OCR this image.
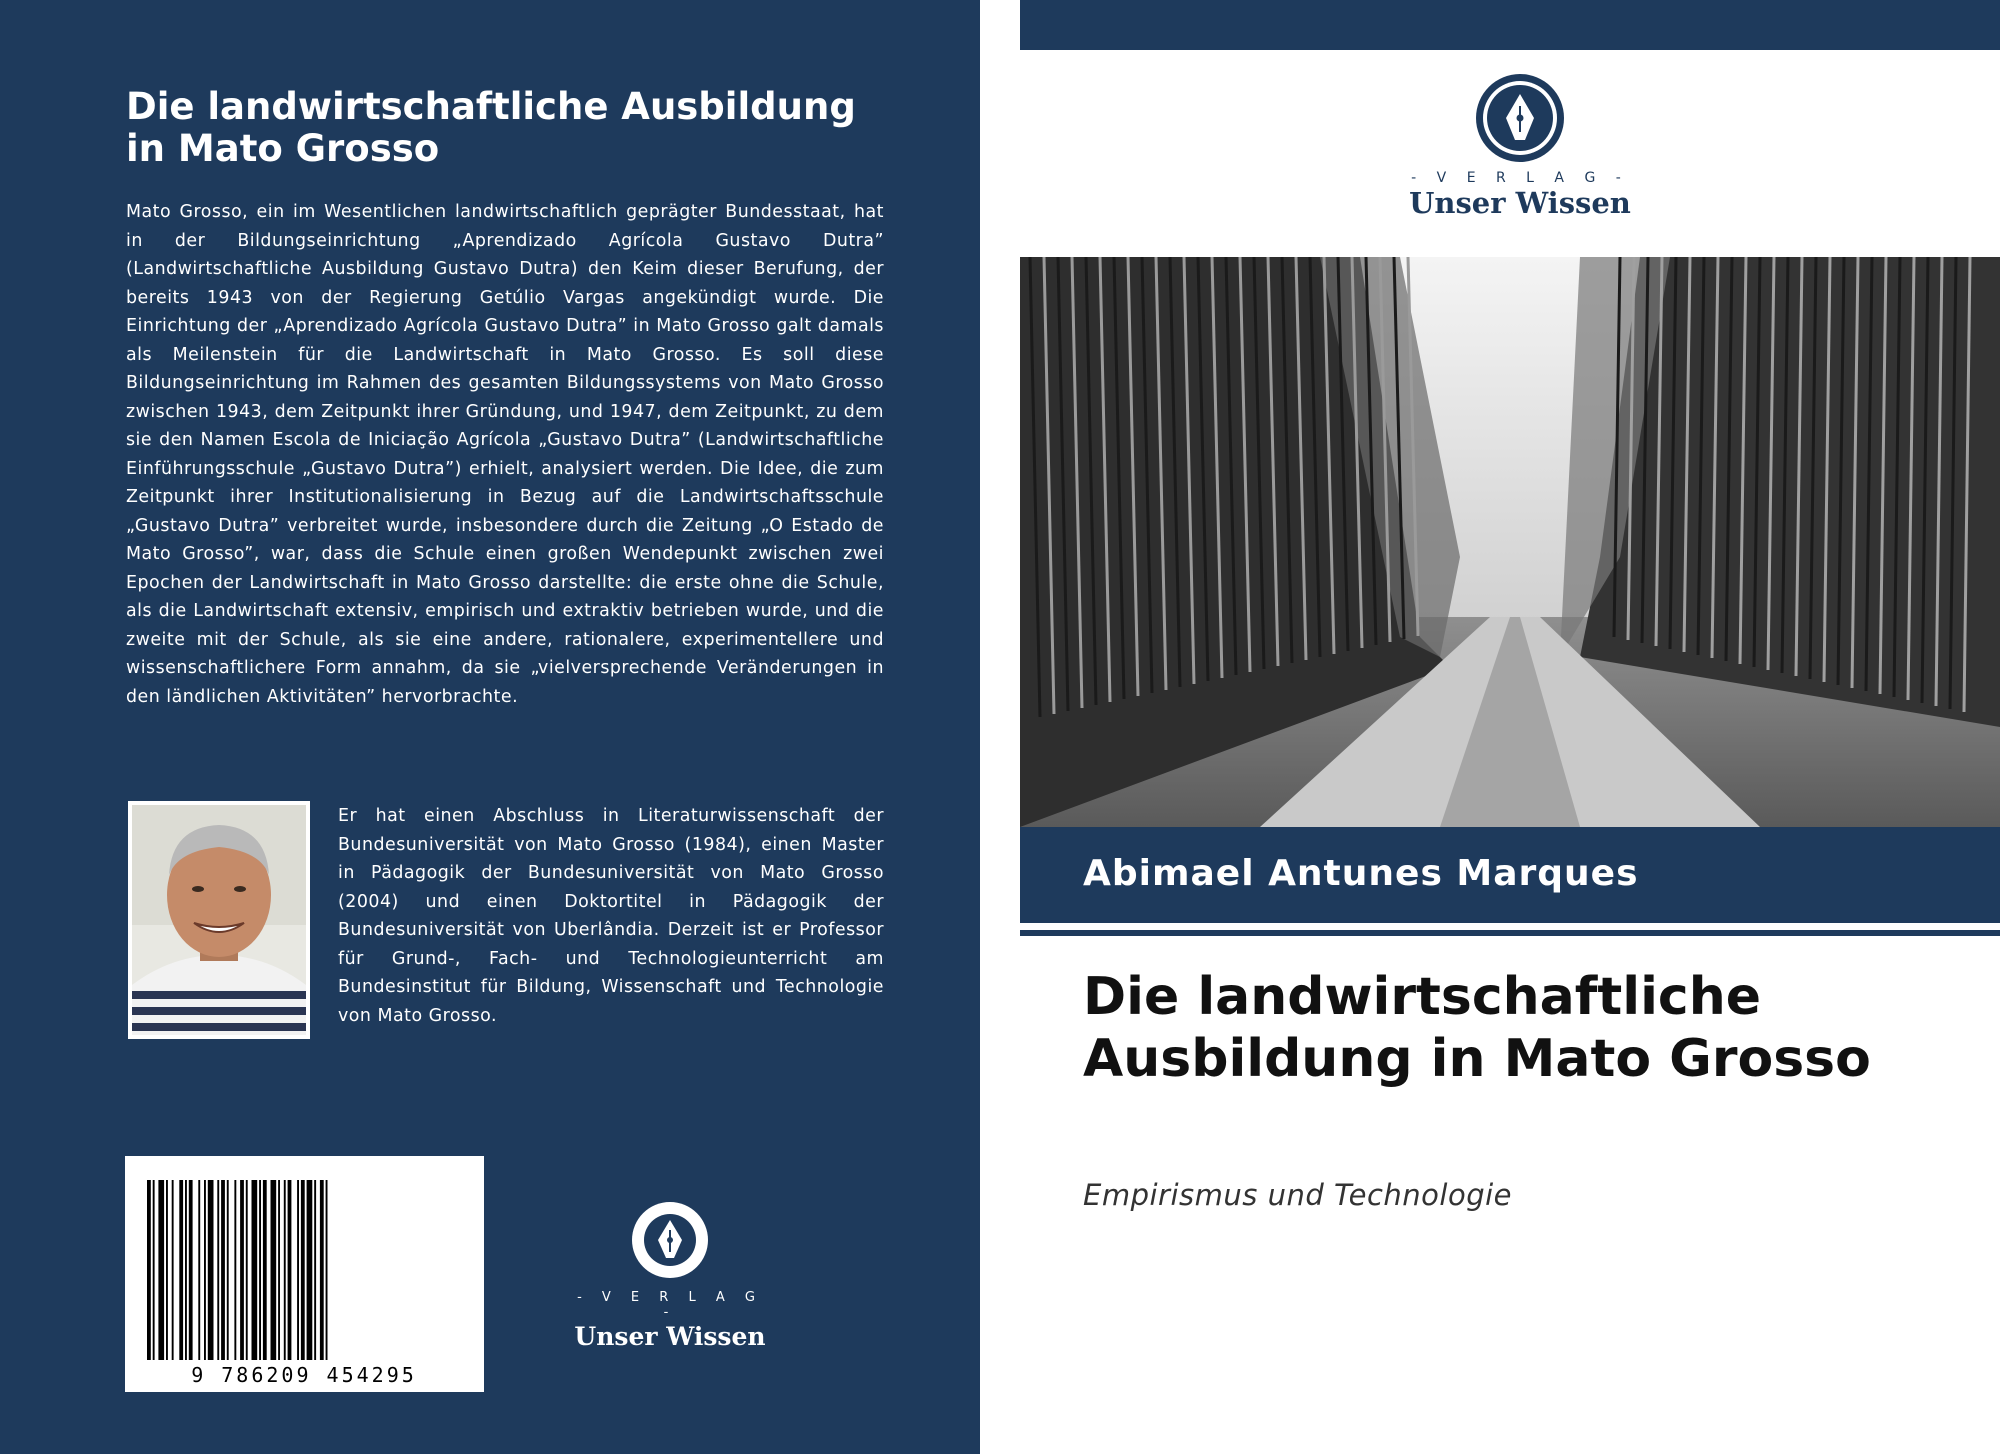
Die landwirtschaftliche Ausbildung in Mato Grosso
Mato Grosso, ein im Wesentlichen landwirtschaftlich geprägter Bundesstaat, hat in der Bildungseinrichtung „Aprendizado Agrícola Gustavo Dutra” (Landwirtschaftliche Ausbildung Gustavo Dutra) den Keim dieser Berufung, der bereits 1943 von der Regierung Getúlio Vargas angekündigt wurde. Die Einrichtung der „Aprendizado Agrícola Gustavo Dutra” in Mato Grosso galt damals als Meilenstein für die Landwirtschaft in Mato Grosso. Es soll diese Bildungseinrichtung im Rahmen des gesamten Bildungssystems von Mato Grosso zwischen 1943, dem Zeitpunkt ihrer Gründung, und 1947, dem Zeitpunkt, zu dem sie den Namen Escola de Iniciação Agrícola „Gustavo Dutra” (Landwirtschaftliche Einführungsschule „Gustavo Dutra”) erhielt, analysiert werden. Die Idee, die zum Zeitpunkt ihrer Institutionalisierung in Bezug auf die Landwirtschaftsschule „Gustavo Dutra” verbreitet wurde, insbesondere durch die Zeitung „O Estado de Mato Grosso”, war, dass die Schule einen großen Wendepunkt zwischen zwei Epochen der Landwirtschaft in Mato Grosso darstellte: die erste ohne die Schule, als die Landwirtschaft extensiv, empirisch und extraktiv betrieben wurde, und die zweite mit der Schule, als sie eine andere, rationalere, experimentellere und wissenschaftlichere Form annahm, da sie „vielversprechende Veränderungen in den ländlichen Aktivitäten” hervorbrachte.
Er hat einen Abschluss in Literaturwissenschaft der Bundesuniversität von Mato Grosso (1984), einen Master in Pädagogik der Bundesuniversität von Mato Grosso (2004) und einen Doktortitel in Pädagogik der Bundesuniversität von Uberlândia. Derzeit ist er Professor für Grund-, Fach- und Technologieunterricht am Bundesinstitut für Bildung, Wissenschaft und Technologie von Mato Grosso.
9 786209 454295
- V E R L A G -
Unser Wissen
- V E R L A G -
Unser Wissen
Abimael Antunes Marques
Die landwirtschaftliche Ausbildung in Mato Grosso
Empirismus und Technologie
